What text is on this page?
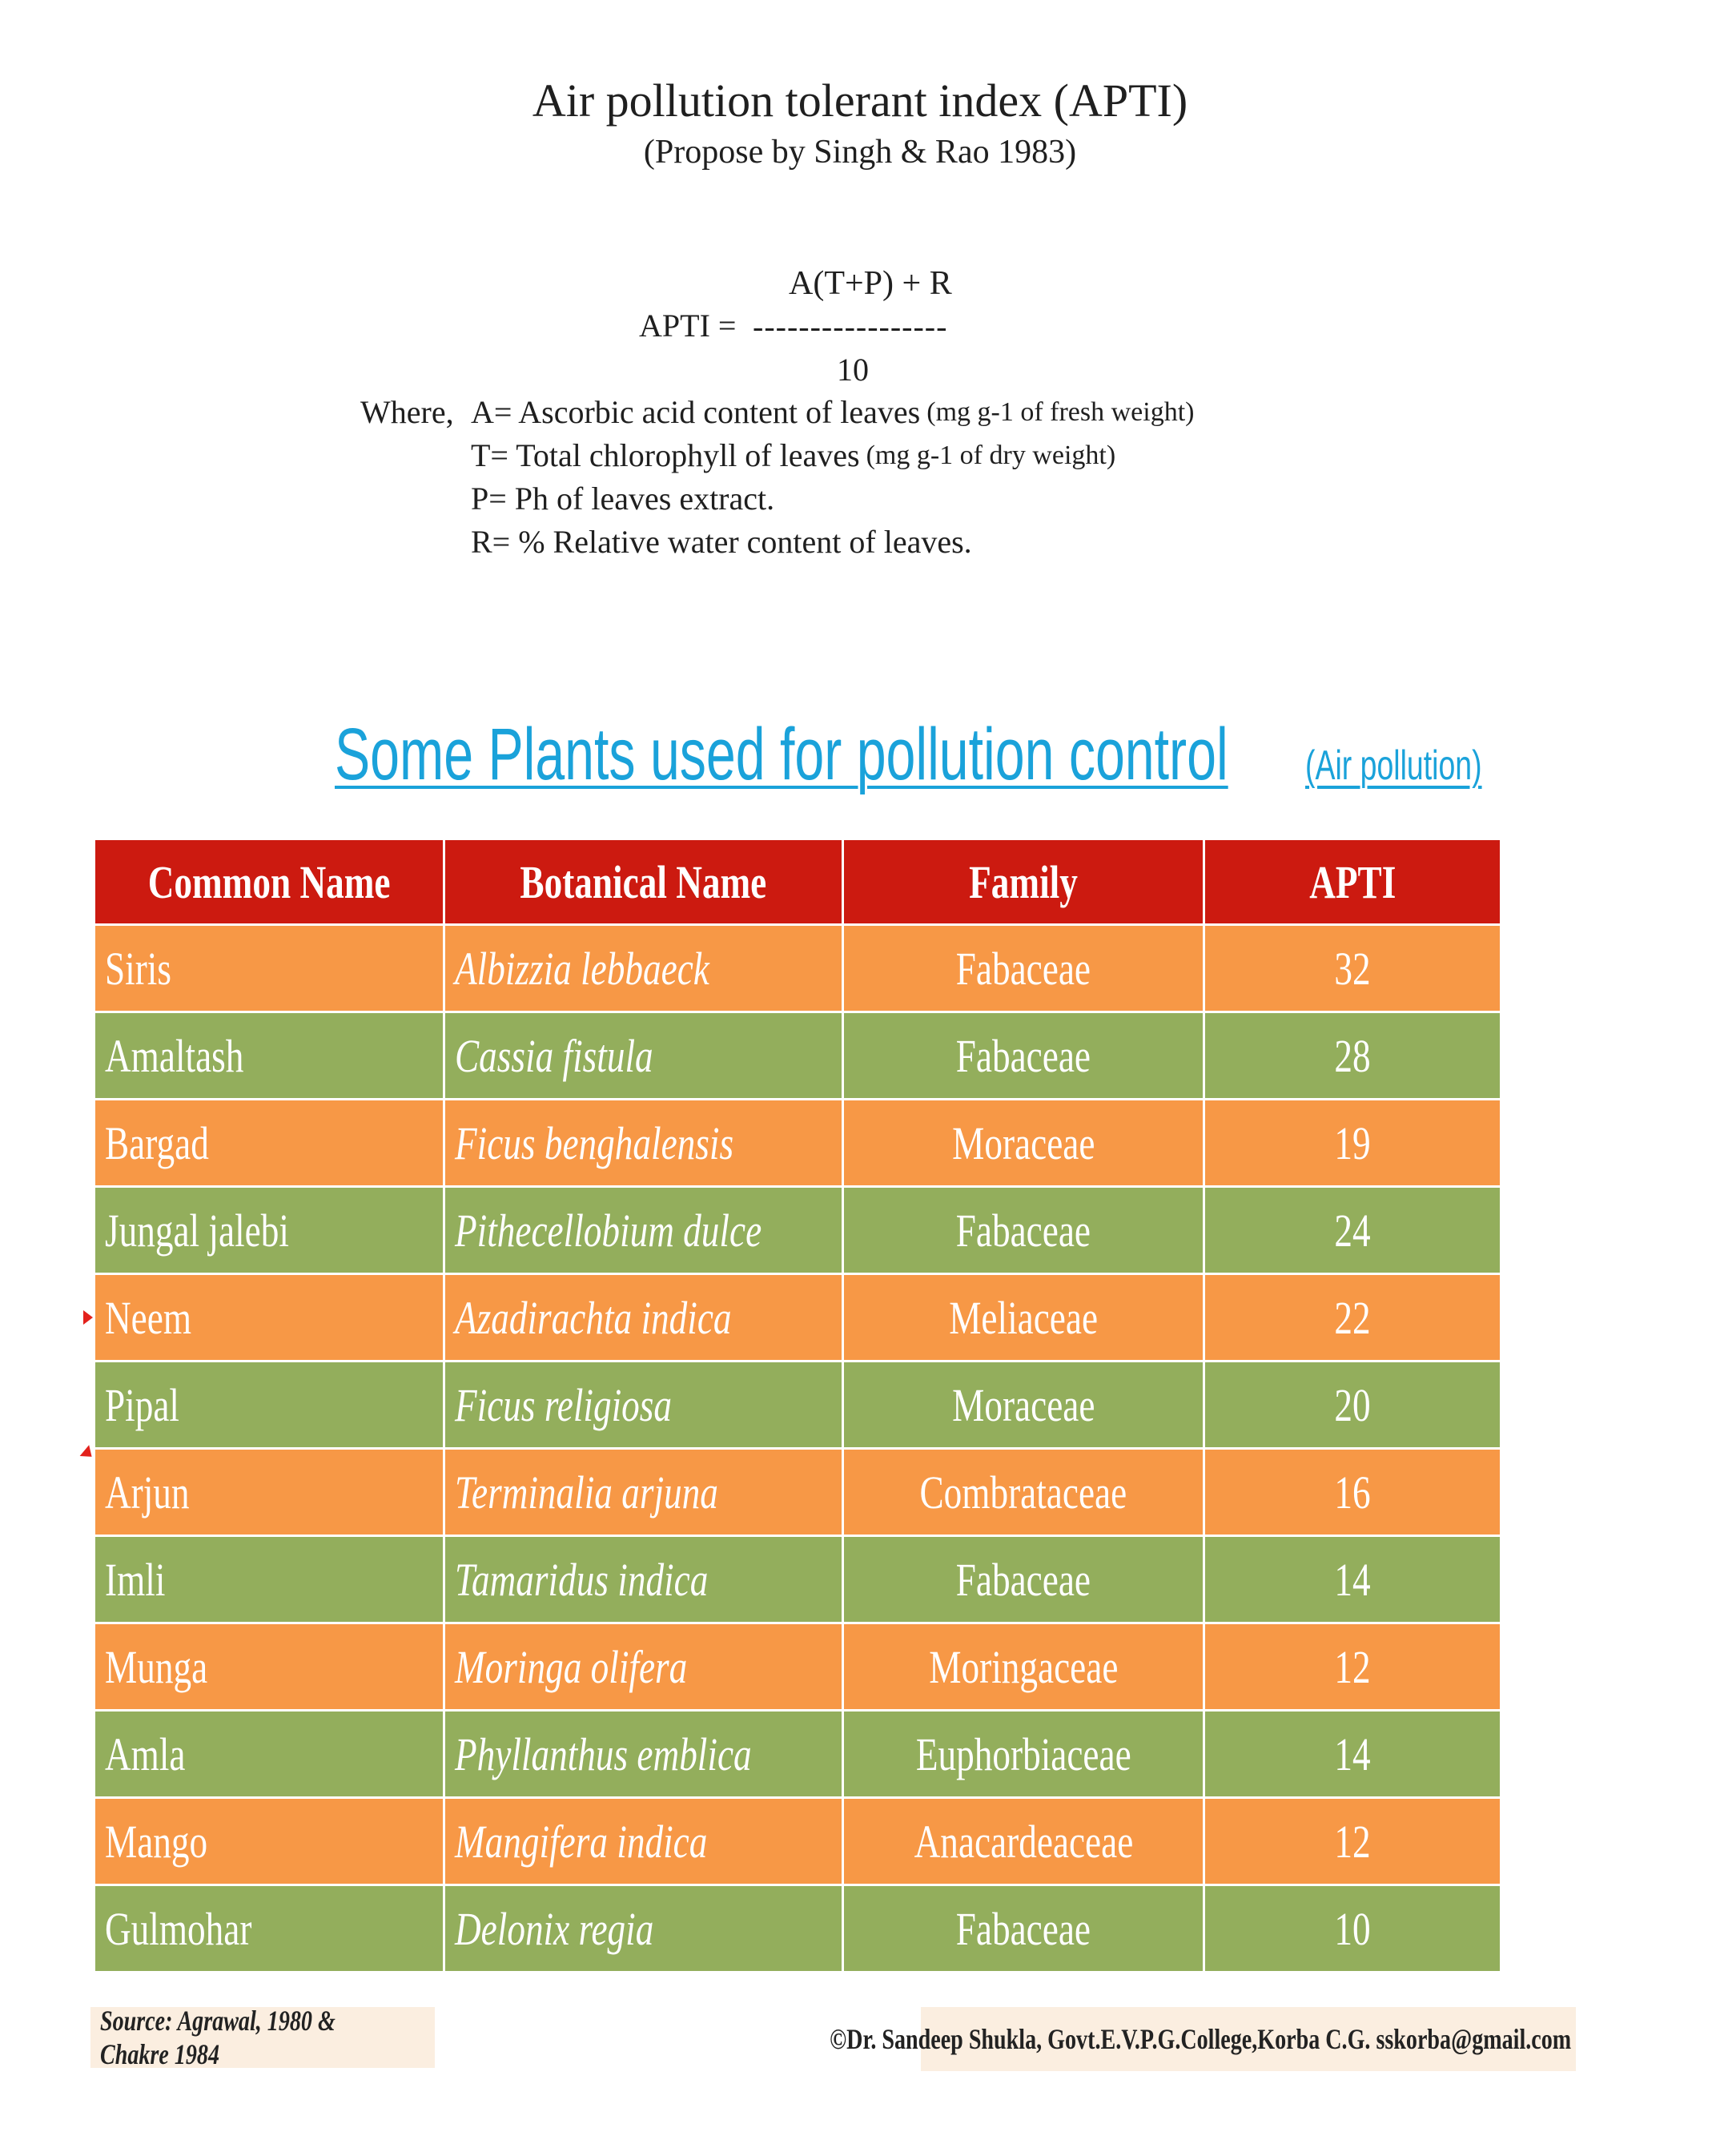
Air pollution tolerant index (APTI)
(Propose by Singh & Rao 1983)
A(T+P) + R
APTI = -----------------
10
Where, A= Ascorbic acid content of leaves (mg g-1 of fresh weight)
T= Total chlorophyll of leaves (mg g-1 of dry weight)
P= Ph of leaves extract.
R= % Relative water content of leaves.
Some Plants used for pollution control (Air pollution)
Common Name	Botanical Name	Family	APTI
Siris	Albizzia lebbaeck	Fabaceae	32
Amaltash	Cassia fistula	Fabaceae	28
Bargad	Ficus benghalensis	Moraceae	19
Jungal jalebi	Pithecellobium dulce	Fabaceae	24
Neem	Azadirachta indica	Meliaceae	22
Pipal	Ficus religiosa	Moraceae	20
Arjun	Terminalia arjuna	Combrataceae	16
Imli	Tamaridus indica	Fabaceae	14
Munga	Moringa olifera	Moringaceae	12
Amla	Phyllanthus emblica	Euphorbiaceae	14
Mango	Mangifera indica	Anacardeaceae	12
Gulmohar	Delonix regia	Fabaceae	10
Source: Agrawal, 1980 & Chakre 1984	©Dr. Sandeep Shukla, Govt.E.V.P.G.College,Korba C.G. sskorba@gmail.com
